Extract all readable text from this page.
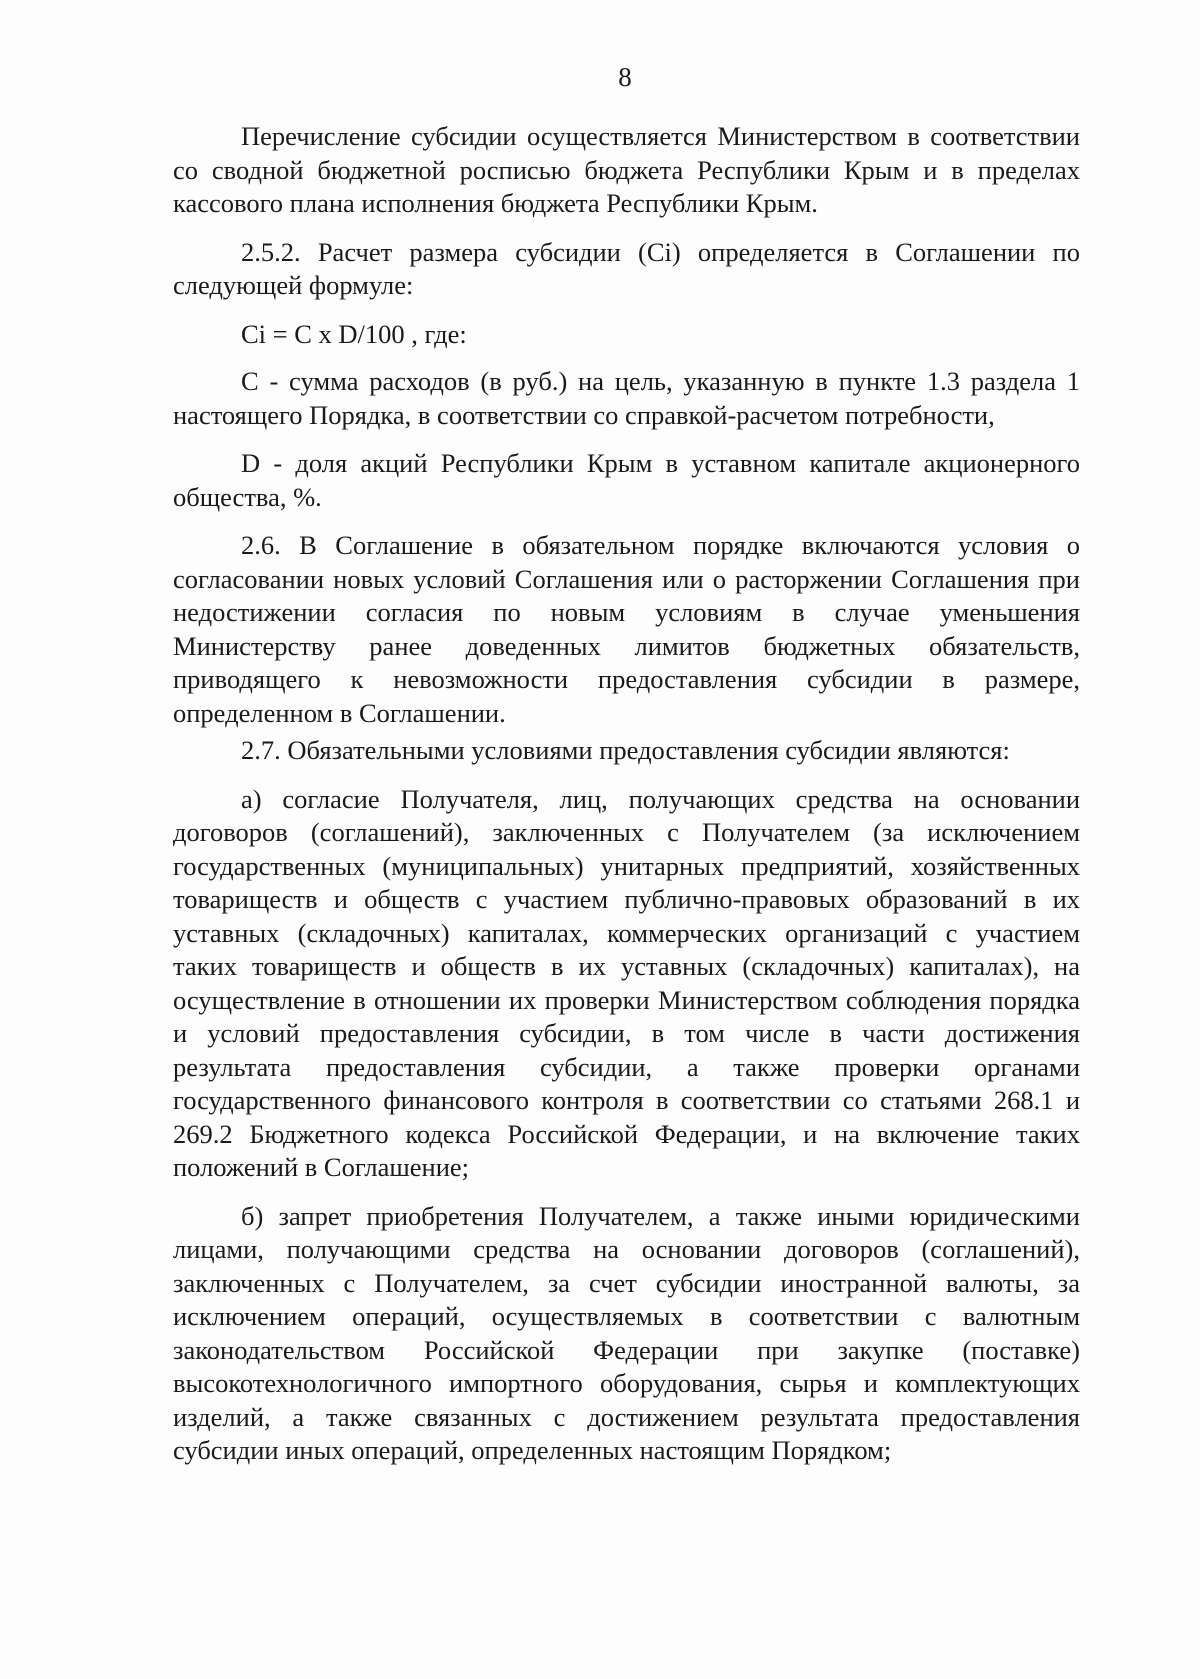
8

Перечисление субсидии осуществляется Министерством в соответствии со сводной бюджетной росписью бюджета Республики Крым и в пределах кассового плана исполнения бюджета Республики Крым.

2.5.2. Расчет размера субсидии (Ci) определяется в Соглашении по следующей формуле:

Ci = C x D/100 , где:

C - сумма расходов (в руб.) на цель, указанную в пункте 1.3 раздела 1 настоящего Порядка, в соответствии со справкой-расчетом потребности,

D - доля акций Республики Крым в уставном капитале акционерного общества, %.

2.6. В Соглашение в обязательном порядке включаются условия о согласовании новых условий Соглашения или о расторжении Соглашения при недостижении согласия по новым условиям в случае уменьшения Министерству ранее доведенных лимитов бюджетных обязательств, приводящего к невозможности предоставления субсидии в размере, определенном в Соглашении.

2.7. Обязательными условиями предоставления субсидии являются:

а) согласие Получателя, лиц, получающих средства на основании договоров (соглашений), заключенных с Получателем (за исключением государственных (муниципальных) унитарных предприятий, хозяйственных товариществ и обществ с участием публично-правовых образований в их уставных (складочных) капиталах, коммерческих организаций с участием таких товариществ и обществ в их уставных (складочных) капиталах), на осуществление в отношении их проверки Министерством соблюдения порядка и условий предоставления субсидии, в том числе в части достижения результата предоставления субсидии, а также проверки органами государственного финансового контроля в соответствии со статьями 268.1 и 269.2 Бюджетного кодекса Российской Федерации, и на включение таких положений в Соглашение;

б) запрет приобретения Получателем, а также иными юридическими лицами, получающими средства на основании договоров (соглашений), заключенных с Получателем, за счет субсидии иностранной валюты, за исключением операций, осуществляемых в соответствии с валютным законодательством Российской Федерации при закупке (поставке) высокотехнологичного импортного оборудования, сырья и комплектующих изделий, а также связанных с достижением результата предоставления субсидии иных операций, определенных настоящим Порядком;
